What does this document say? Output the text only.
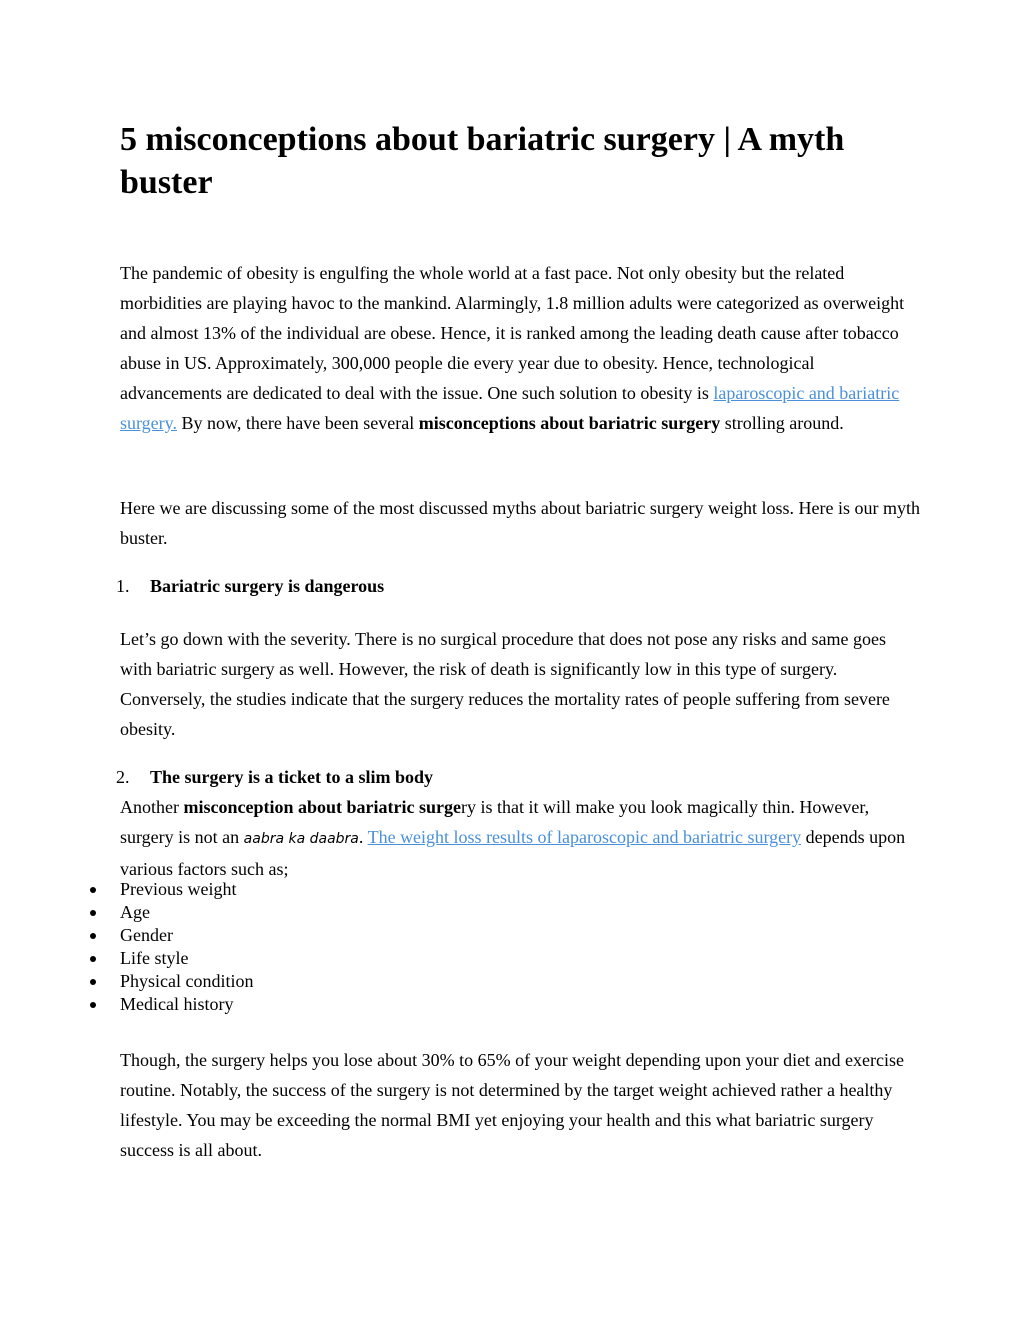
5 misconceptions about bariatric surgery | A myth buster

The pandemic of obesity is engulfing the whole world at a fast pace. Not only obesity but the related morbidities are playing havoc to the mankind. Alarmingly, 1.8 million adults were categorized as overweight and almost 13% of the individual are obese. Hence, it is ranked among the leading death cause after tobacco abuse in US. Approximately, 300,000 people die every year due to obesity. Hence, technological advancements are dedicated to deal with the issue. One such solution to obesity is laparoscopic and bariatric surgery. By now, there have been several misconceptions about bariatric surgery strolling around.

Here we are discussing some of the most discussed myths about bariatric surgery weight loss. Here is our myth buster.

1. Bariatric surgery is dangerous

Let’s go down with the severity. There is no surgical procedure that does not pose any risks and same goes with bariatric surgery as well. However, the risk of death is significantly low in this type of surgery. Conversely, the studies indicate that the surgery reduces the mortality rates of people suffering from severe obesity.

2. The surgery is a ticket to a slim body

Another misconception about bariatric surgery is that it will make you look magically thin. However, surgery is not an aabra ka daabra. The weight loss results of laparoscopic and bariatric surgery depends upon various factors such as;

Previous weight
Age
Gender
Life style
Physical condition
Medical history

Though, the surgery helps you lose about 30% to 65% of your weight depending upon your diet and exercise routine. Notably, the success of the surgery is not determined by the target weight achieved rather a healthy lifestyle. You may be exceeding the normal BMI yet enjoying your health and this what bariatric surgery success is all about.
